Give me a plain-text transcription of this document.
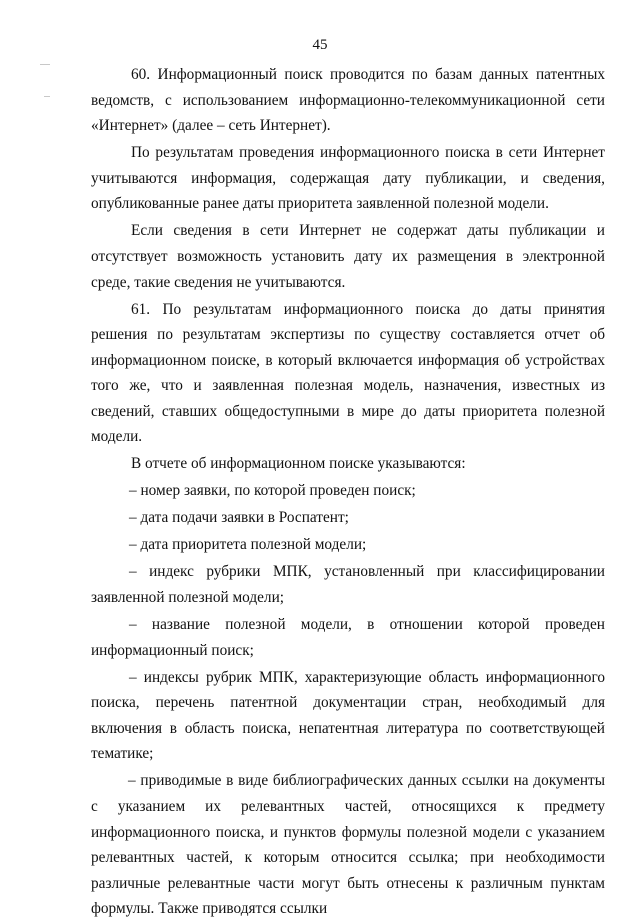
45

60. Информационный поиск проводится по базам данных патентных ведомств, с использованием информационно-телекоммуникационной сети «Интернет» (далее – сеть Интернет).

По результатам проведения информационного поиска в сети Интернет учитываются информация, содержащая дату публикации, и сведения, опубликованные ранее даты приоритета заявленной полезной модели.

Если сведения в сети Интернет не содержат даты публикации и отсутствует возможность установить дату их размещения в электронной среде, такие сведения не учитываются.

61. По результатам информационного поиска до даты принятия решения по результатам экспертизы по существу составляется отчет об информационном поиске, в который включается информация об устройствах того же, что и заявленная полезная модель, назначения, известных из сведений, ставших общедоступными в мире до даты приоритета полезной модели.

В отчете об информационном поиске указываются:

– номер заявки, по которой проведен поиск;

– дата подачи заявки в Роспатент;

– дата приоритета полезной модели;

– индекс рубрики МПК, установленный при классифицировании заявленной полезной модели;

– название полезной модели, в отношении которой проведен информационный поиск;

– индексы рубрик МПК, характеризующие область информационного поиска, перечень патентной документации стран, необходимый для включения в область поиска, непатентная литература по соответствующей тематике;

– приводимые в виде библиографических данных ссылки на документы с указанием их релевантных частей, относящихся к предмету информационного поиска, и пунктов формулы полезной модели с указанием релевантных частей, к которым относится ссылка; при необходимости различные релевантные части могут быть отнесены к различным пунктам формулы. Также приводятся ссылки
